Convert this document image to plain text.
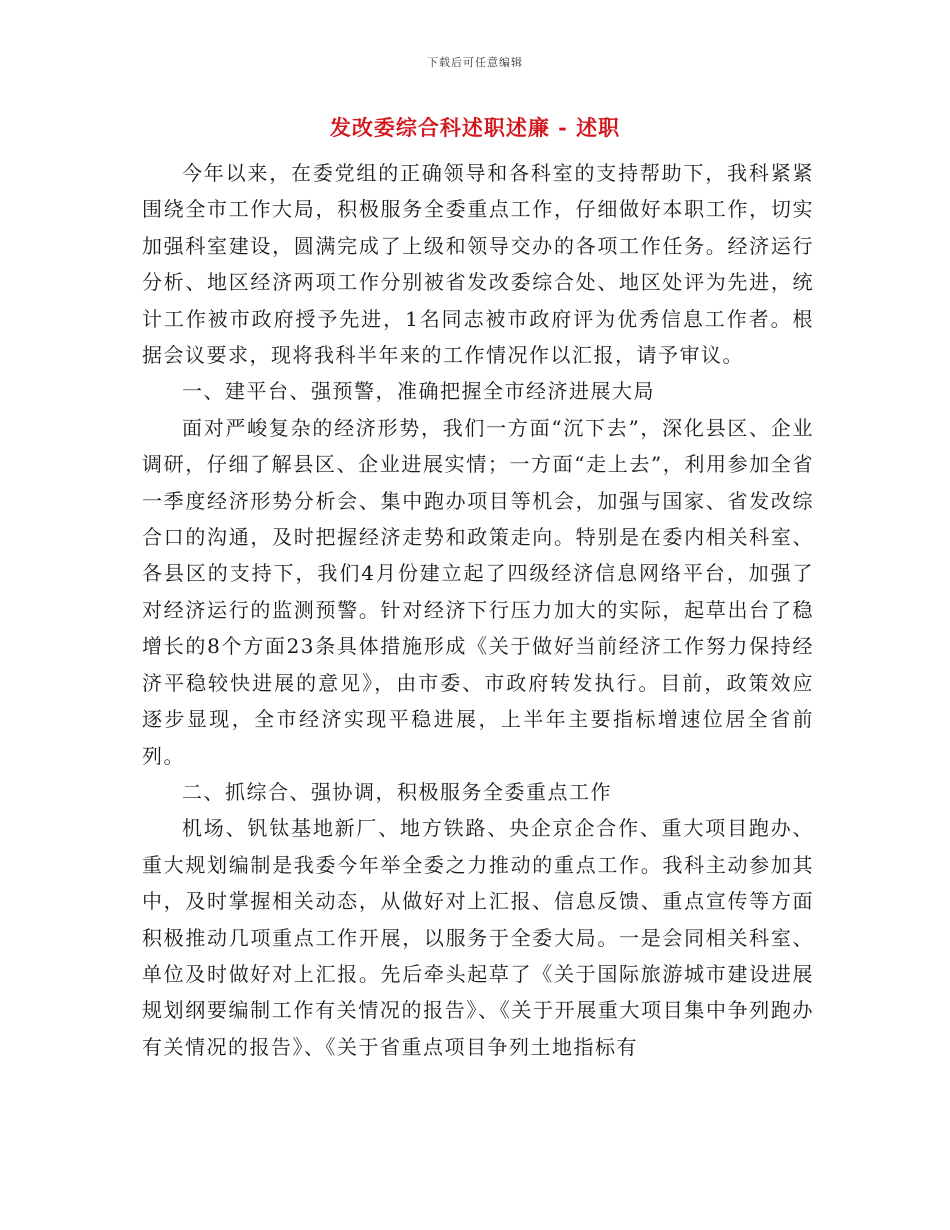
下载后可任意编辑
发改委综合科述职述廉 - 述职

今年以来，在委党组的正确领导和各科室的支持帮助下，我科紧紧围绕全市工作大局，积极服务全委重点工作，仔细做好本职工作，切实加强科室建设，圆满完成了上级和领导交办的各项工作任务。经济运行分析、地区经济两项工作分别被省发改委综合处、地区处评为先进，统计工作被市政府授予先进，1名同志被市政府评为优秀信息工作者。根据会议要求，现将我科半年来的工作情况作以汇报，请予审议。

一、建平台、强预警，准确把握全市经济进展大局

面对严峻复杂的经济形势，我们一方面“沉下去”，深化县区、企业调研，仔细了解县区、企业进展实情；一方面“走上去”，利用参加全省一季度经济形势分析会、集中跑办项目等机会，加强与国家、省发改综合口的沟通，及时把握经济走势和政策走向。特别是在委内相关科室、各县区的支持下，我们4月份建立起了四级经济信息网络平台，加强了对经济运行的监测预警。针对经济下行压力加大的实际，起草出台了稳增长的8个方面23条具体措施形成《关于做好当前经济工作努力保持经济平稳较快进展的意见》，由市委、市政府转发执行。目前，政策效应逐步显现，全市经济实现平稳进展，上半年主要指标增速位居全省前列。

二、抓综合、强协调，积极服务全委重点工作

机场、钒钛基地新厂、地方铁路、央企京企合作、重大项目跑办、重大规划编制是我委今年举全委之力推动的重点工作。我科主动参加其中，及时掌握相关动态，从做好对上汇报、信息反馈、重点宣传等方面积极推动几项重点工作开展，以服务于全委大局。一是会同相关科室、单位及时做好对上汇报。先后牵头起草了《关于国际旅游城市建设进展规划纲要编制工作有关情况的报告》、《关于开展重大项目集中争列跑办有关情况的报告》、《关于省重点项目争列土地指标有
